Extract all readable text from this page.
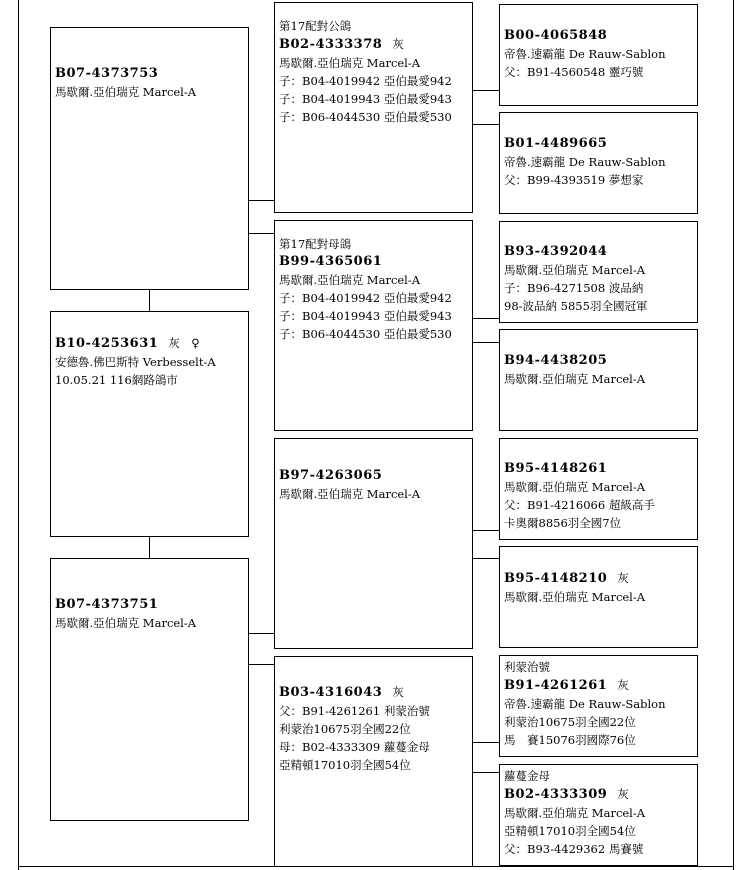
B07-4373753
馬歇爾.亞伯瑞克 Marcel-A
B10-4253631 灰　♀
安德魯.佛巴斯特 Verbesselt-A
10.05.21 116網路鴿市
B07-4373751
馬歇爾.亞伯瑞克 Marcel-A
第17配對公鴿
B02-4333378 灰
馬歇爾.亞伯瑞克 Marcel-A
子：B04-4019942 亞伯最愛942
子：B04-4019943 亞伯最愛943
子：B06-4044530 亞伯最愛530
第17配對母鴿
B99-4365061
馬歇爾.亞伯瑞克 Marcel-A
子：B04-4019942 亞伯最愛942
子：B04-4019943 亞伯最愛943
子：B06-4044530 亞伯最愛530
B97-4263065
馬歇爾.亞伯瑞克 Marcel-A
B03-4316043 灰
父：B91-4261261 利蒙治號
利蒙治10675羽全國22位
母：B02-4333309 蘿蔓金母
亞精頓17010羽全國54位
B00-4065848
帝魯.速霸龍 De Rauw-Sablon
父：B91-4560548 靈巧號
B01-4489665
帝魯.速霸龍 De Rauw-Sablon
父：B99-4393519 夢想家
B93-4392044
馬歇爾.亞伯瑞克 Marcel-A
子：B96-4271508 波品納
98-波品納 5855羽全國冠軍
B94-4438205
馬歇爾.亞伯瑞克 Marcel-A
B95-4148261
馬歇爾.亞伯瑞克 Marcel-A
父：B91-4216066 超級高手
卡奧爾8856羽全國7位
B95-4148210 灰
馬歇爾.亞伯瑞克 Marcel-A
利蒙治號
B91-4261261 灰
帝魯.速霸龍 De Rauw-Sablon
利蒙治10675羽全國22位
馬　賽15076羽國際76位
蘿蔓金母
B02-4333309 灰
馬歇爾.亞伯瑞克 Marcel-A
亞精頓17010羽全國54位
父：B93-4429362 馬賽號
